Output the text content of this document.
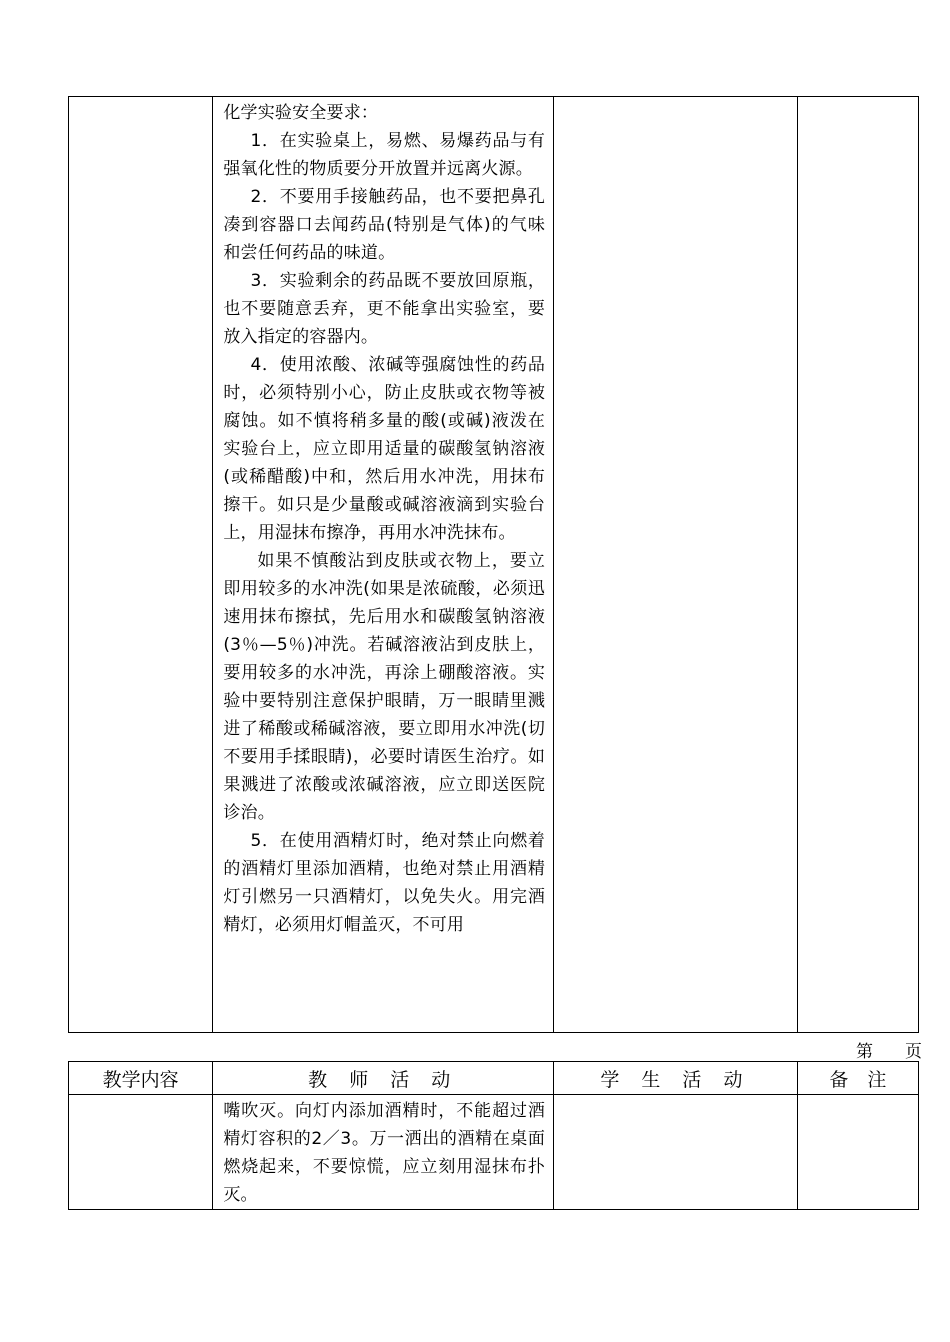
化学实验安全要求：

1．在实验桌上，易燃、易爆药品与有强氧化性的物质要分开放置并远离火源。

2．不要用手接触药品，也不要把鼻孔凑到容器口去闻药品(特别是气体)的气味和尝任何药品的味道。

3．实验剩余的药品既不要放回原瓶，也不要随意丢弃，更不能拿出实验室，要放入指定的容器内。

4．使用浓酸、浓碱等强腐蚀性的药品时，必须特别小心，防止皮肤或衣物等被腐蚀。如不慎将稍多量的酸(或碱)液泼在实验台上，应立即用适量的碳酸氢钠溶液(或稀醋酸)中和，然后用水冲洗，用抹布擦干。如只是少量酸或碱溶液滴到实验台上，用湿抹布擦净，再用水冲洗抹布。

如果不慎酸沾到皮肤或衣物上，要立即用较多的水冲洗(如果是浓硫酸，必须迅速用抹布擦拭，先后用水和碳酸氢钠溶液(3％—5％)冲洗。若碱溶液沾到皮肤上，要用较多的水冲洗，再涂上硼酸溶液。实验中要特别注意保护眼睛，万一眼睛里溅进了稀酸或稀碱溶液，要立即用水冲洗(切不要用手揉眼睛)，必要时请医生治疗。如果溅进了浓酸或浓碱溶液，应立即送医院诊治。

5．在使用酒精灯时，绝对禁止向燃着的酒精灯里添加酒精，也绝对禁止用酒精灯引燃另一只酒精灯，以免失火。用完酒精灯，必须用灯帽盖灭，不可用

第 页
教学内容	教 师 活 动	学 生 活 动	备　注

	嘴吹灭。向灯内添加酒精时，不能超过酒精灯容积的2／3。万一洒出的酒精在桌面燃烧起来，不要惊慌，应立刻用湿抹布扑灭。		
